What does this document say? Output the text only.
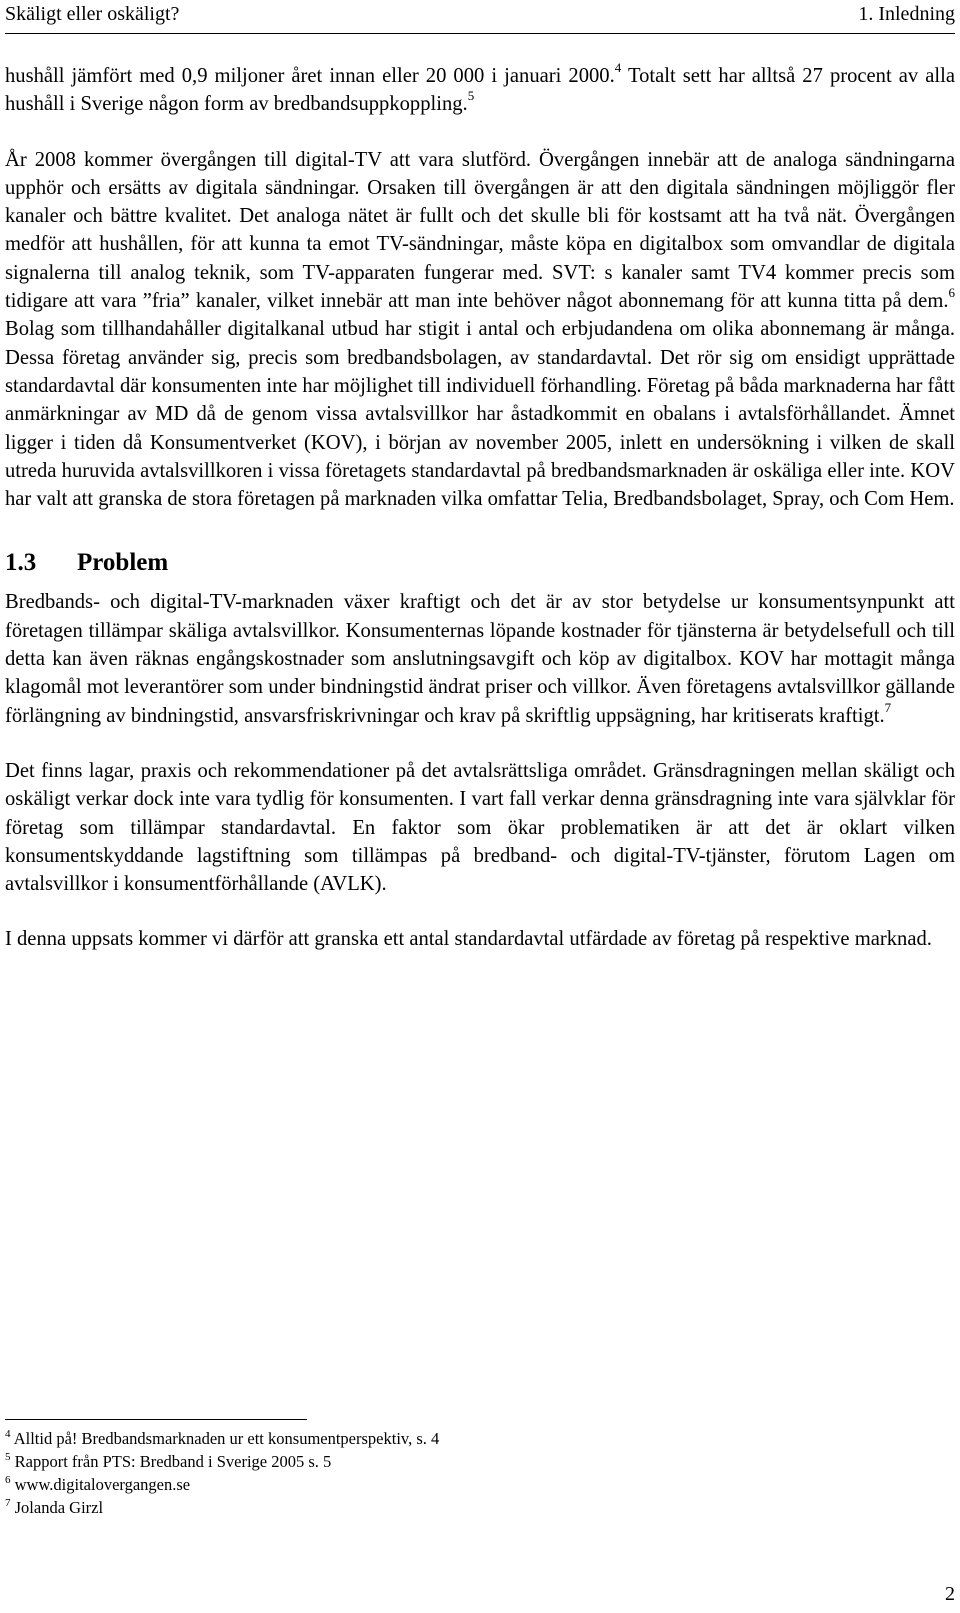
Skäligt eller oskäligt?	1. Inledning

hushåll jämfört med 0,9 miljoner året innan eller 20 000 i januari 2000.$^4$ Totalt sett har alltså 27 procent av alla hushåll i Sverige någon form av bredbandsuppkoppling.$^5$

År 2008 kommer övergången till digital-TV att vara slutförd. Övergången innebär att de analoga sändningarna upphör och ersätts av digitala sändningar. Orsaken till övergången är att den digitala sändningen möjliggör fler kanaler och bättre kvalitet. Det analoga nätet är fullt och det skulle bli för kostsamt att ha två nät. Övergången medför att hushållen, för att kunna ta emot TV-sändningar, måste köpa en digitalbox som omvandlar de digitala signalerna till analog teknik, som TV-apparaten fungerar med. SVT: s kanaler samt TV4 kommer precis som tidigare att vara ”fria” kanaler, vilket innebär att man inte behöver något abonnemang för att kunna titta på dem.$^6$ Bolag som tillhandahåller digitalkanal utbud har stigit i antal och erbjudandena om olika abonnemang är många. Dessa företag använder sig, precis som bredbandsbolagen, av standardavtal. Det rör sig om ensidigt upprättade standardavtal där konsumenten inte har möjlighet till individuell förhandling. Företag på båda marknaderna har fått anmärkningar av MD då de genom vissa avtalsvillkor har åstadkommit en obalans i avtalsförhållandet. Ämnet ligger i tiden då Konsumentverket (KOV), i början av november 2005, inlett en undersökning i vilken de skall utreda huruvida avtalsvillkoren i vissa företagets standardavtal på bredbandsmarknaden är oskäliga eller inte. KOV har valt att granska de stora företagen på marknaden vilka omfattar Telia, Bredbandsbolaget, Spray, och Com Hem.

1.3 Problem

Bredbands- och digital-TV-marknaden växer kraftigt och det är av stor betydelse ur konsumentsynpunkt att företagen tillämpar skäliga avtalsvillkor. Konsumenternas löpande kostnader för tjänsterna är betydelsefull och till detta kan även räknas engångskostnader som anslutningsavgift och köp av digitalbox. KOV har mottagit många klagomål mot leverantörer som under bindningstid ändrat priser och villkor. Även företagens avtalsvillkor gällande förlängning av bindningstid, ansvarsfriskrivningar och krav på skriftlig uppsägning, har kritiserats kraftigt.$^7$

Det finns lagar, praxis och rekommendationer på det avtalsrättsliga området. Gränsdragningen mellan skäligt och oskäligt verkar dock inte vara tydlig för konsumenten. I vart fall verkar denna gränsdragning inte vara självklar för företag som tillämpar standardavtal. En faktor som ökar problematiken är att det är oklart vilken konsumentskyddande lagstiftning som tillämpas på bredband- och digital-TV-tjänster, förutom Lagen om avtalsvillkor i konsumentförhållande (AVLK).

I denna uppsats kommer vi därför att granska ett antal standardavtal utfärdade av företag på respektive marknad.

$^4$ Alltid på! Bredbandsmarknaden ur ett konsumentperspektiv, s. 4
$^5$ Rapport från PTS: Bredband i Sverige 2005 s. 5
$^6$ www.digitalovergangen.se
$^7$ Jolanda Girzl
2
